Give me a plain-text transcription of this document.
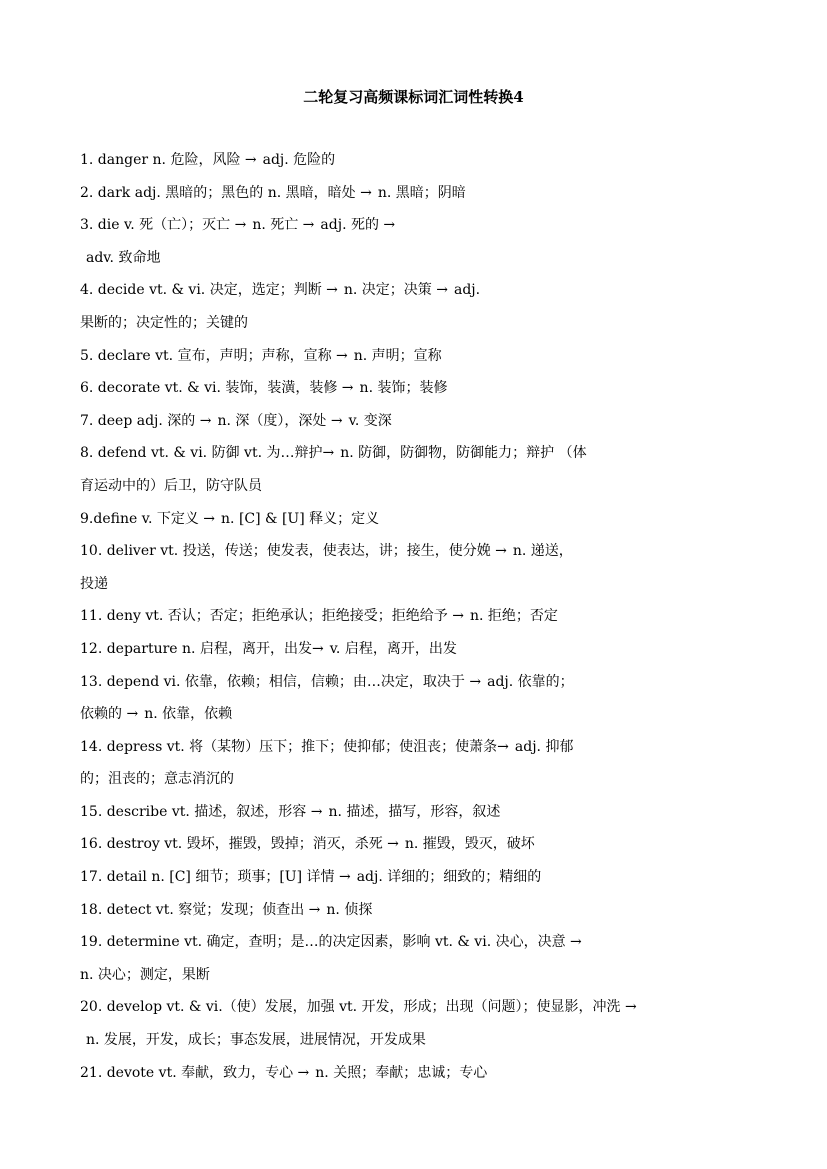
二轮复习高频课标词汇词性转换4
1. danger n. 危险，风险 → adj. 危险的
2. dark adj. 黑暗的；黑色的 n. 黑暗，暗处 → n. 黑暗；阴暗
3. die v. 死（亡）；灭亡 → n. 死亡 → adj. 死的 →
adv. 致命地
4. decide vt. & vi. 决定，选定；判断 → n. 决定；决策 → adj.
果断的；决定性的；关键的
5. declare vt. 宣布，声明；声称，宣称 → n. 声明；宣称
6. decorate vt. & vi. 装饰，装潢，装修 → n. 装饰；装修
7. deep adj. 深的 → n. 深（度），深处 → v. 变深
8. defend vt. & vi. 防御 vt. 为…辩护→ n. 防御，防御物，防御能力；辩护 （体
育运动中的）后卫，防守队员
9.define v. 下定义 → n. [C] & [U] 释义；定义
10. deliver vt. 投送，传送；使发表，使表达，讲；接生，使分娩 → n. 递送，
投递
11. deny vt. 否认；否定；拒绝承认；拒绝接受；拒绝给予 → n. 拒绝；否定
12. departure n. 启程，离开，出发→ v. 启程，离开，出发
13. depend vi. 依靠，依赖；相信，信赖；由…决定，取决于 → adj. 依靠的；
依赖的 → n. 依靠，依赖
14. depress vt. 将（某物）压下；推下；使抑郁；使沮丧；使萧条→ adj. 抑郁
的；沮丧的；意志消沉的
15. describe vt. 描述，叙述，形容 → n. 描述，描写，形容，叙述
16. destroy vt. 毁坏，摧毁，毁掉；消灭，杀死 → n. 摧毁，毁灭，破坏
17. detail n. [C] 细节；琐事；[U] 详情 → adj. 详细的；细致的；精细的
18. detect vt. 察觉；发现；侦查出 → n. 侦探
19. determine vt. 确定，查明；是…的决定因素，影响 vt. & vi. 决心，决意 →
n. 决心；测定，果断
20. develop vt. & vi.（使）发展，加强 vt. 开发，形成；出现（问题）；使显影，冲洗 →
n. 发展，开发，成长；事态发展，进展情况，开发成果
21. devote vt. 奉献，致力，专心 → n. 关照；奉献；忠诚；专心
